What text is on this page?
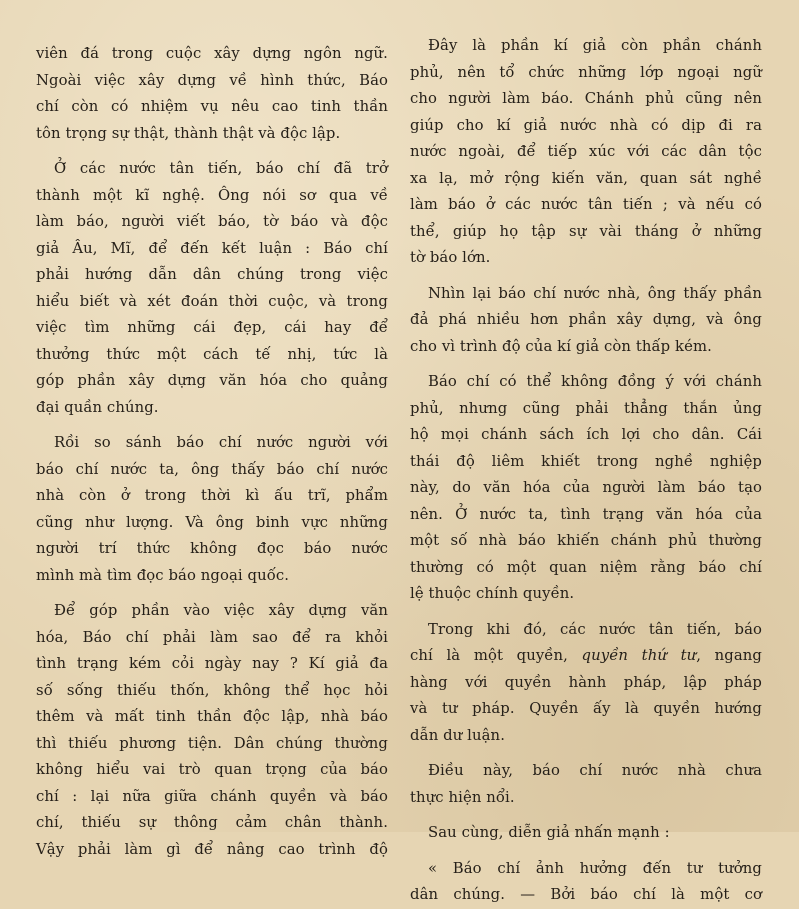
viên đá trong cuộc xây dựng ngôn ngữ.
Ngoài việc xây dựng về hình thức, Báo
chí còn có nhiệm vụ nêu cao tinh thần
tôn trọng sự thật, thành thật và độc lập.
Ở các nước tân tiến, báo chí đã trở
thành một kĩ nghệ. Ông nói sơ qua về
làm báo, người viết báo, tờ báo và độc
giả Âu, Mĩ, để đến kết luận : Báo chí
phải hướng dẫn dân chúng trong việc
hiểu biết và xét đoán thời cuộc, và trong
việc tìm những cái đẹp, cái hay để
thưởng thức một cách tế nhị, tức là
góp phần xây dựng văn hóa cho quảng
đại quần chúng.
Rồi so sánh báo chí nước người với
báo chí nước ta, ông thấy báo chí nước
nhà còn ở trong thời kì ấu trĩ, phẩm
cũng như lượng. Và ông binh vực những
người trí thức không đọc báo nước
mình mà tìm đọc báo ngoại quốc.
Để góp phần vào việc xây dựng văn
hóa, Báo chí phải làm sao để ra khỏi
tình trạng kém cỏi ngày nay ? Kí giả đa
số sống thiếu thốn, không thể học hỏi
thêm và mất tinh thần độc lập, nhà báo
thì thiếu phương tiện. Dân chúng thường
không hiểu vai trò quan trọng của báo
chí : lại nữa giữa chánh quyền và báo
chí, thiếu sự thông cảm chân thành.
Vậy phải làm gì để nâng cao trình độ
Đây là phần kí giả còn phần chánh
phủ, nên tổ chức những lớp ngoại ngữ
cho người làm báo. Chánh phủ cũng nên
giúp cho kí giả nước nhà có dịp đi ra
nước ngoài, để tiếp xúc với các dân tộc
xa lạ, mở rộng kiến văn, quan sát nghề
làm báo ở các nước tân tiến ; và nếu có
thể, giúp họ tập sự vài tháng ở những
tờ báo lớn.
Nhìn lại báo chí nước nhà, ông thấy phần
đả phá nhiều hơn phần xây dựng, và ông
cho vì trình độ của kí giả còn thấp kém.
Báo chí có thể không đồng ý với chánh
phủ, nhưng cũng phải thẳng thắn ủng
hộ mọi chánh sách ích lợi cho dân. Cái
thái độ liêm khiết trong nghề nghiệp
này, do văn hóa của người làm báo tạo
nên. Ở nước ta, tình trạng văn hóa của
một số nhà báo khiến chánh phủ thường
thường có một quan niệm rằng báo chí
lệ thuộc chính quyền.
Trong khi đó, các nước tân tiến, báo
chí là một quyền, quyền thứ tư, ngang
hàng với quyền hành pháp, lập pháp
và tư pháp. Quyền ấy là quyền hướng
dẫn dư luận.
Điều này, báo chí nước nhà chưa
thực hiện nổi.
Sau cùng, diễn giả nhấn mạnh :
« Báo chí ảnh hưởng đến tư tưởng
dân chúng. — Bởi báo chí là một cơ
